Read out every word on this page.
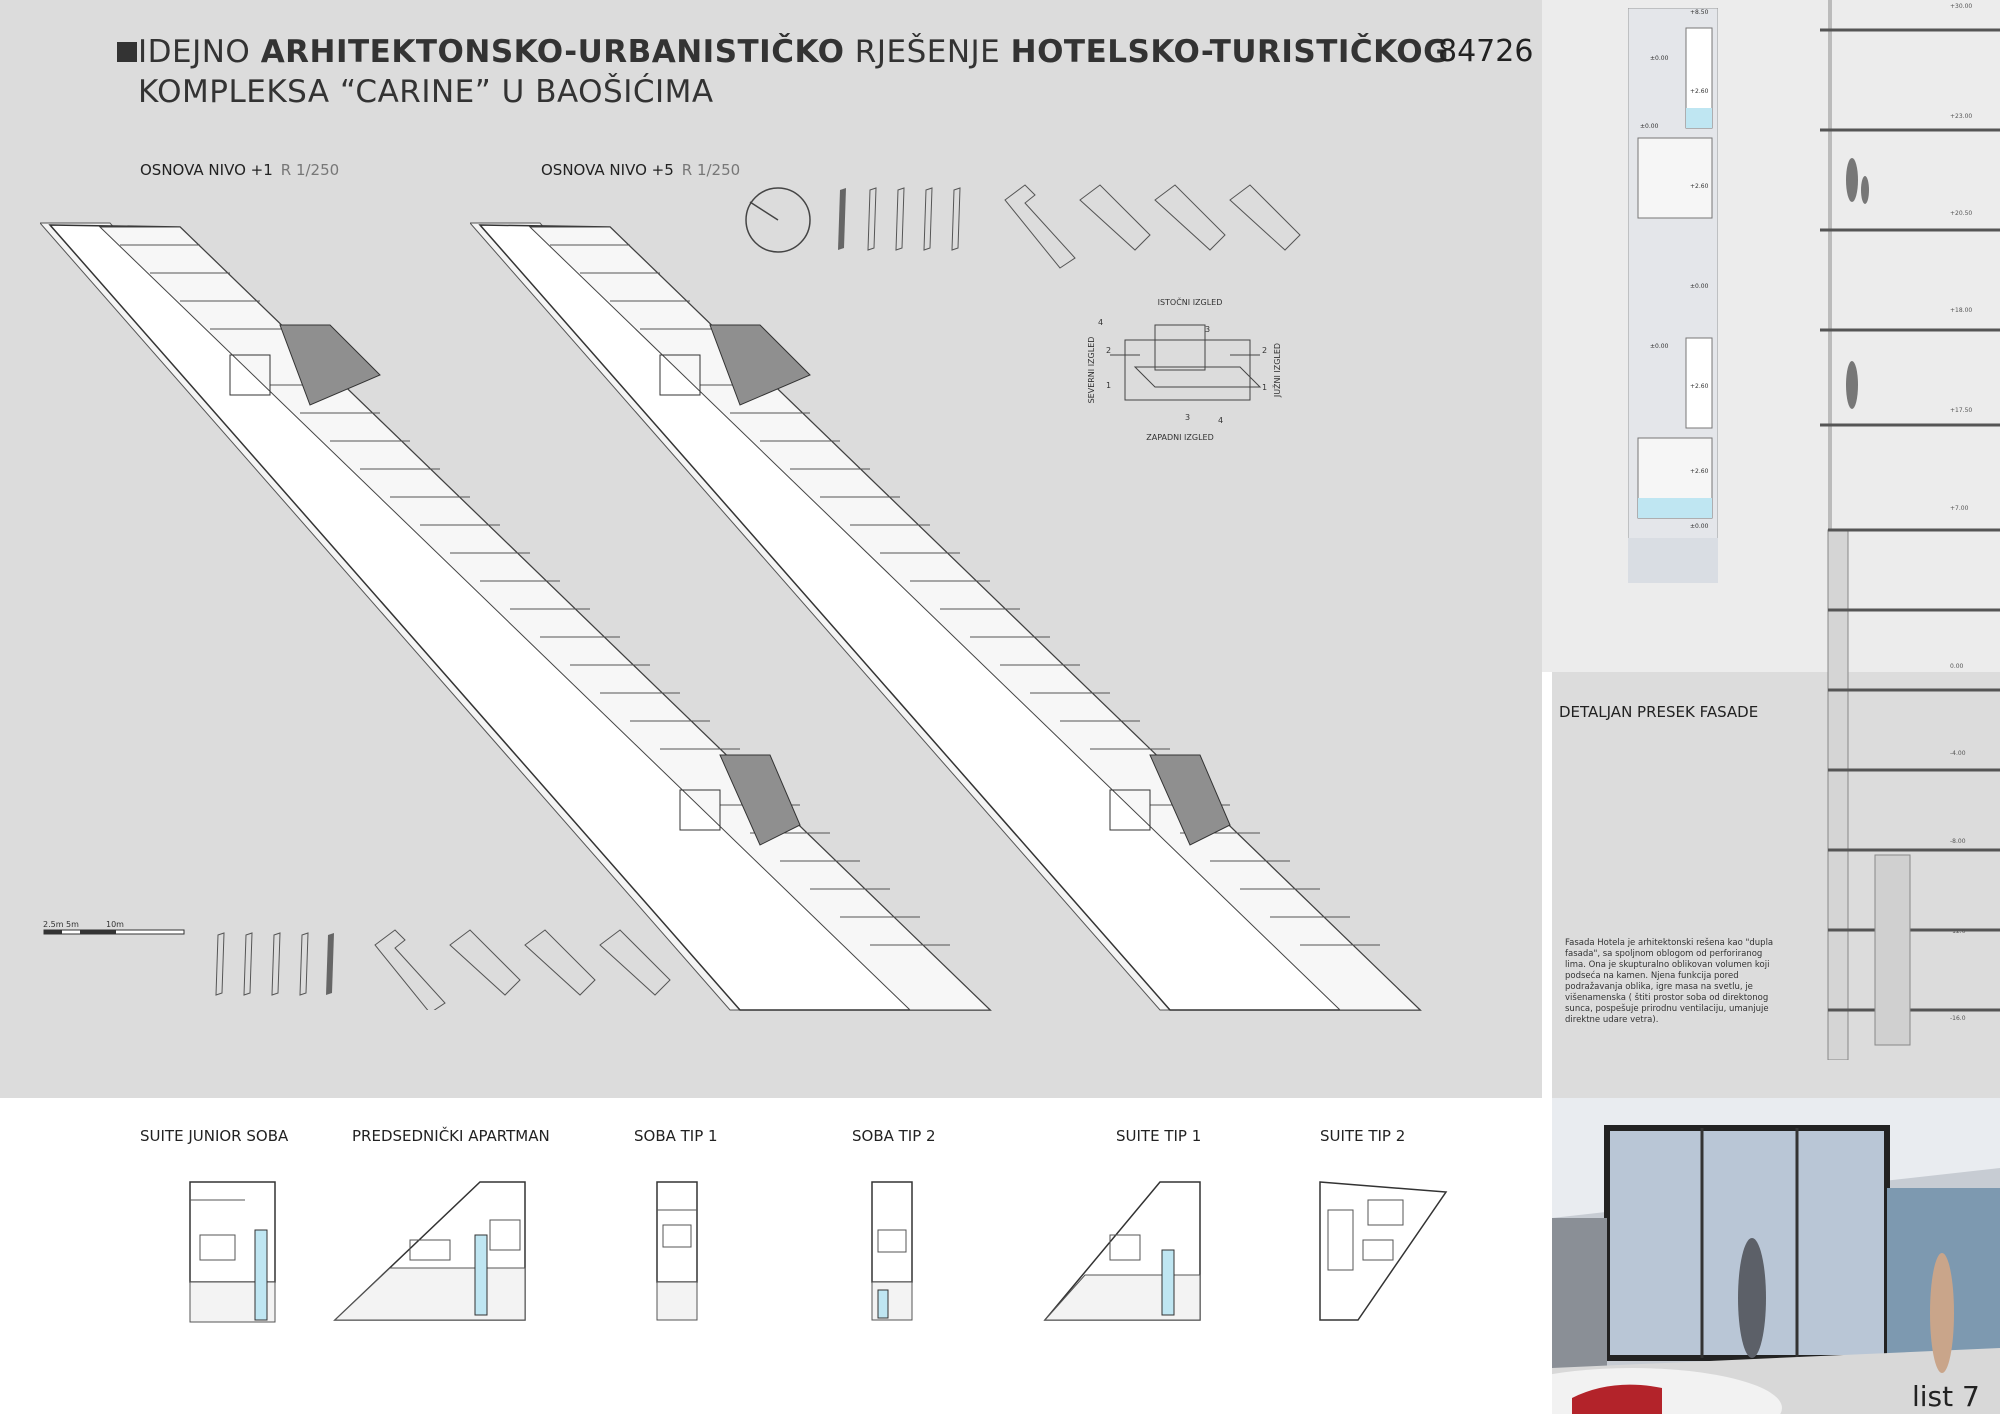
IDEJNO ARHITEKTONSKO-URBANISTIČKO RJEŠENJE HOTELSKO-TURISTIČKOG
KOMPLEKSA “CARINE” U BAOŠIĆIMA
84726
OSNOVA NIVO +1 R 1/250	OSNOVA NIVO +5 R 1/250
2.5m 5m	10m
ISTOČNI IZGLED
ZAPADNI IZGLED
SEVERNI IZGLED	JUŽNI IZGLED
1
2
3
4
1
2
3	4
+8.50
±0.00
+2.60
±0.00
+2.60
±0.00
±0.00
+2.60
+2.60
±0.00
+30.00
+23.00
+20.50
+18.00
+17.50
+7.00
0.00
-4.00
-8.00
-12.0
-16.0
DETALJAN PRESEK FASADE
Fasada Hotela je arhitektonski rešena kao "dupla fasada", sa spoljnom oblogom od perforiranog lima. Ona je skupturalno oblikovan volumen koji podseća na kamen. Njena funkcija pored podražavanja oblika, igre masa na svetlu, je višenamenska ( štiti prostor soba od direktonog sunca, pospešuje prirodnu ventilaciju, umanjuje direktne udare vetra).
SUITE JUNIOR SOBA	PREDSEDNIČKI APARTMAN	SOBA TIP 1	SOBA TIP 2	SUITE TIP 1	SUITE TIP 2
list 7
